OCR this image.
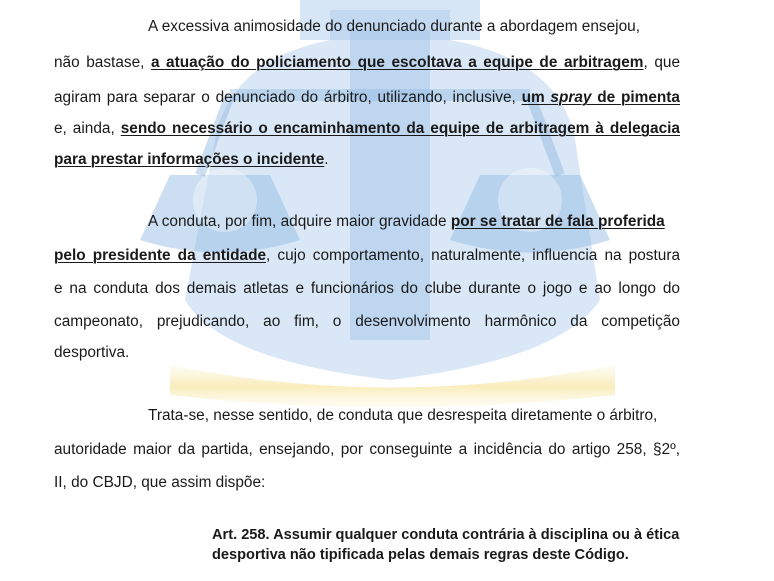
A excessiva animosidade do denunciado durante a abordagem ensejou,
não bastase, a atuação do policiamento que escoltava a equipe de arbitragem, que
agiram para separar o denunciado do árbitro, utilizando, inclusive, um spray de pimenta
e, ainda, sendo necessário o encaminhamento da equipe de arbitragem à delegacia
para prestar informações o incidente.
A conduta, por fim, adquire maior gravidade por se tratar de fala proferida
pelo presidente da entidade, cujo comportamento, naturalmente, influencia na postura
e na conduta dos demais atletas e funcionários do clube durante o jogo e ao longo do
campeonato, prejudicando, ao fim, o desenvolvimento harmônico da competição
desportiva.
Trata-se, nesse sentido, de conduta que desrespeita diretamente o árbitro,
autoridade maior da partida, ensejando, por conseguinte a incidência do artigo 258, §2º,
II, do CBJD, que assim dispõe:
Art. 258. Assumir qualquer conduta contrária à disciplina ou à ética
desportiva não tipificada pelas demais regras deste Código.
